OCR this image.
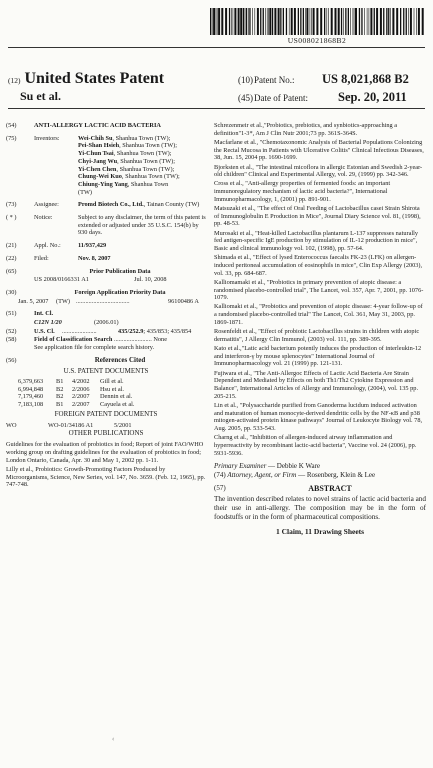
US008021868B2
(12) United States Patent
Su et al.
(10) Patent No.:	US 8,021,868 B2
(45) Date of Patent:	Sep. 20, 2011
(54)	ANTI-ALLERGY LACTIC ACID BACTERIA
(75)	Inventors:	Wei-Chih Su, Shanhua Town (TW);
Pei-Shan Hsieh, Shanhua Town (TW);
Yi-Chun Tsai, Shanhua Town (TW);
Chyi-Jang Wu, Shanhua Town (TW);
Yi-Chen Chen, Shanhua Town (TW);
Chung-Wei Kuo, Shanhua Town (TW);
Chiung-Ying Yang, Shanhua Town
(TW)
(73)	Assignee:	Promd Biotech Co., Ltd., Tainan County (TW)
( * )	Notice:	Subject to any disclaimer, the term of this patent is extended or adjusted under 35 U.S.C. 154(b) by 930 days.
(21)	Appl. No.:	11/937,429
(22)	Filed:	Nov. 8, 2007
(65)	Prior Publication Data
US 2008/0166331 A1	Jul. 10, 2008
(30)	Foreign Application Priority Data
Jan. 5, 2007	(TW) ..................................	96100486 A
(51)	Int. Cl.
C12N 1/20	(2006.01)
(52)	U.S. Cl.	......................	435/252.9 ; 435/853; 435/854
(58)	Field of Classification Search ........................ None
See application file for complete search history.
(56)	References Cited
U.S. PATENT DOCUMENTS
6,379,663	B1	4/2002	Gill et al.
6,994,848	B2	2/2006	Hsu et al.
7,179,460	B2	2/2007	Dennin et al.
7,183,108	B1	2/2007	Cayuela et al.
FOREIGN PATENT DOCUMENTS
WO	WO-01/34186 A1	5/2001
OTHER PUBLICATIONS

Guidelines for the evaluation of probiotics in food; Report of joint FAO/WHO working group on drafting guidelines for the evaluation of probiotics in food; London Ontario, Canada, Apr. 30 and May 1, 2002 pp. 1-11.

Lilly et al., Probiotics: Growth-Promoting Factors Produced by Microorganisms, Science, New Series, vol. 147, No. 3659. (Feb. 12, 1965), pp. 747-748.

Schrezenmeir et al.,"Probiotics, prebiotics, and synbiotics-approaching a definition"1-3*, Am J Clin Nutr 2001;73 pp. 361S-364S.

Macfarlane et al., "Chemotaxonomic Analysis of Bacterial Populations Colonizing the Rectal Mucosa in Patients with Ulcerative Colitis" Clinical Infectious Diseases, 38, Jun. 15, 2004 pp. 1690-1699.

Bjorksten et al., "The intestinal micoflora in allergic Estonian and Swedish 2-year-old children" Clinical and Experimental Allergy, vol. 29, (1999) pp. 342-346.

Cross et al., "Anti-allergy properties of fermented foods: an important immunoregulatory mechanism of lactic acid bacteria?", International Immunopharmacology, 1, (2001) pp. 891-901.

Matsuzaki et al., "The effect of Oral Feeding of Lactobacillus casei Strain Shirota of Immunoglobulin E Production in Mice", Journal Diary Science vol. 81, (1998), pp. 48-53.

Murosaki et al., "Heat-killed Lactobacillus plantarum L-137 suppresses naturally fed antigen-specific IgE production by stimulation of IL-12 production in mice", Basic and clinical immunology vol. 102, (1998), pp. 57-64.

Shimada et al., "Effect of lysed Enterococcus faecalis FK-23 (LFK) on allergen-induced peritoneal accumulation of eosinophils in mice", Clin Exp Allergy (2003), vol. 33, pp. 684-687.

Kalliomamaki et al., "Probiotics in primary prevention of atopic disease: a randomised placebo-controlled trial", The Lancet, vol. 357, Apr. 7, 2001, pp. 1076-1079.

Kalliomaki et al., "Probiotics and prevention of atopic disease: 4-year follow-up of a randomised placebo-controlled trial" The Lancet, Col. 361, May 31, 2003, pp. 1869-1871.

Rosenfeldt et al., "Effect of probiotic Lactobacillus strains in children with atopic dermatitis", J Allergy Clin Immunol, (2003) vol. 111, pp. 389-395.

Kato et al.,"Latic acid bacterium potently induces the production of interleukin-12 and interferon-γ by mouse splenocytes" International Journal of Immunopharmacology vol. 21 (1999) pp. 121-131.

Fujiwara et al., "The Anti-Allergoc Effects of Lactic Acid Bacteria Are Strain Dependent and Mediated by Effects on both Th1/Th2 Cytokine Expression and Balance", International Articles of Allergy and Immunology, (2004), vol. 135 pp. 205-215.

Lin et al., "Polysaccharide purified from Ganoderma lucidum induced activation and maturation of human monocyte-derived dendritic cells by the NF-κB and p38 mitogen-activated protein kinase pathways" Journal of Leukocyte Biology vol. 78, Aug. 2005, pp. 533-543.

Charng et al., "Inhibition of allergen-induced airway inflammation and hyperreactivity by recombinant lactic-acid bacteria", Vaccine vol. 24 (2006), pp. 5931-5936.

Primary Examiner — Debbie K Ware
(74) Attorney, Agent, or Firm — Rosenberg, Klein & Lee
(57)	ABSTRACT
The invention described relates to novel strains of lactic acid bacteria and their use in anti-allergy. The composition may be in the form of foodstuffs or in the form of pharmaceutical compositions.
1 Claim, 11 Drawing Sheets
‹
